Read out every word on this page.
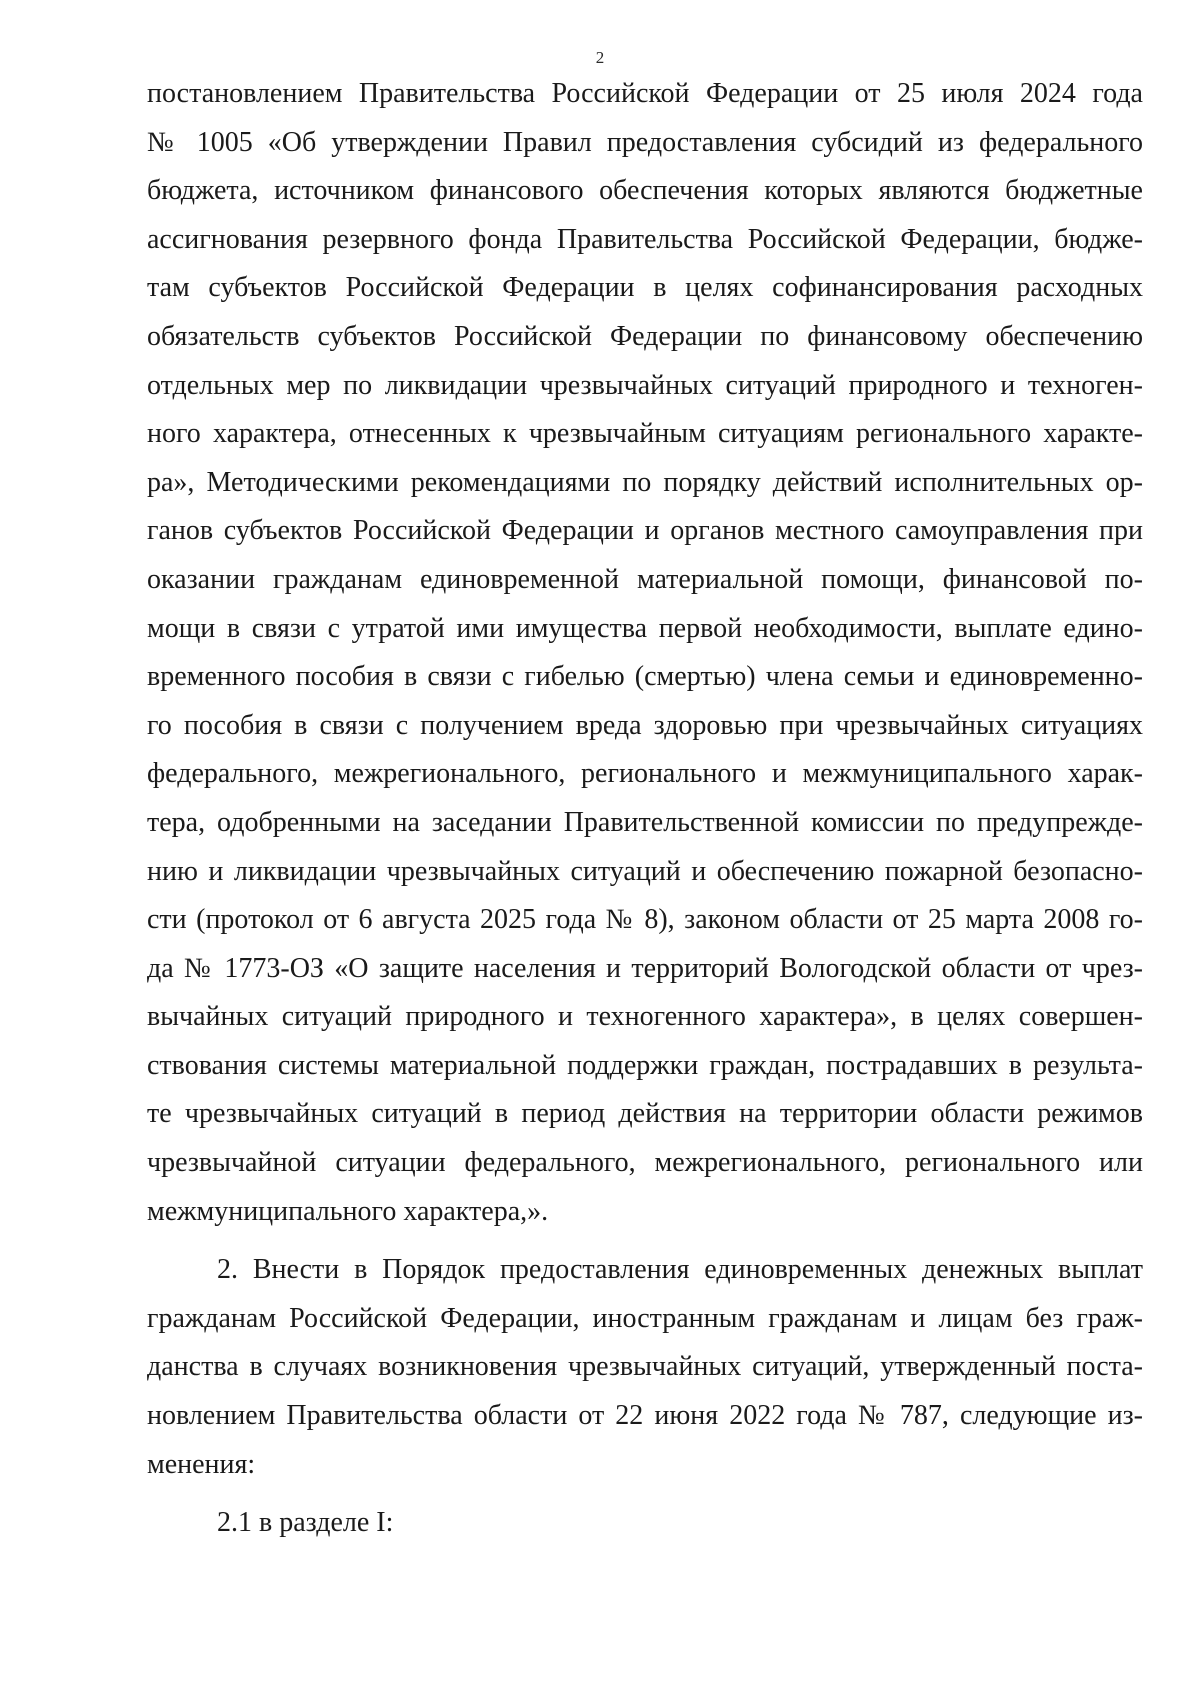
2

постановлением Правительства Российской Федерации от 25 июля 2024 года

№ 1005 «Об утверждении Правил предоставления субсидий из федерального

бюджета, источником финансового обеспечения которых являются бюджетные

ассигнования резервного фонда Правительства Российской Федерации, бюдже-

там субъектов Российской Федерации в целях софинансирования расходных

обязательств субъектов Российской Федерации по финансовому обеспечению

отдельных мер по ликвидации чрезвычайных ситуаций природного и техноген-

ного характера, отнесенных к чрезвычайным ситуациям регионального характе-

ра», Методическими рекомендациями по порядку действий исполнительных ор-

ганов субъектов Российской Федерации и органов местного самоуправления при

оказании гражданам единовременной материальной помощи, финансовой по-

мощи в связи с утратой ими имущества первой необходимости, выплате едино-

временного пособия в связи с гибелью (смертью) члена семьи и единовременно-

го пособия в связи с получением вреда здоровью при чрезвычайных ситуациях

федерального, межрегионального, регионального и межмуниципального харак-

тера, одобренными на заседании Правительственной комиссии по предупрежде-

нию и ликвидации чрезвычайных ситуаций и обеспечению пожарной безопасно-

сти (протокол от 6 августа 2025 года № 8), законом области от 25 марта 2008 го-

да № 1773-ОЗ «О защите населения и территорий Вологодской области от чрез-

вычайных ситуаций природного и техногенного характера», в целях совершен-

ствования системы материальной поддержки граждан, пострадавших в результа-

те чрезвычайных ситуаций в период действия на территории области режимов

чрезвычайной ситуации федерального, межрегионального, регионального или

межмуниципального характера,».

2. Внести в Порядок предоставления единовременных денежных выплат

гражданам Российской Федерации, иностранным гражданам и лицам без граж-

данства в случаях возникновения чрезвычайных ситуаций, утвержденный поста-

новлением Правительства области от 22 июня 2022 года № 787, следующие из-

менения:

2.1 в разделе I:
